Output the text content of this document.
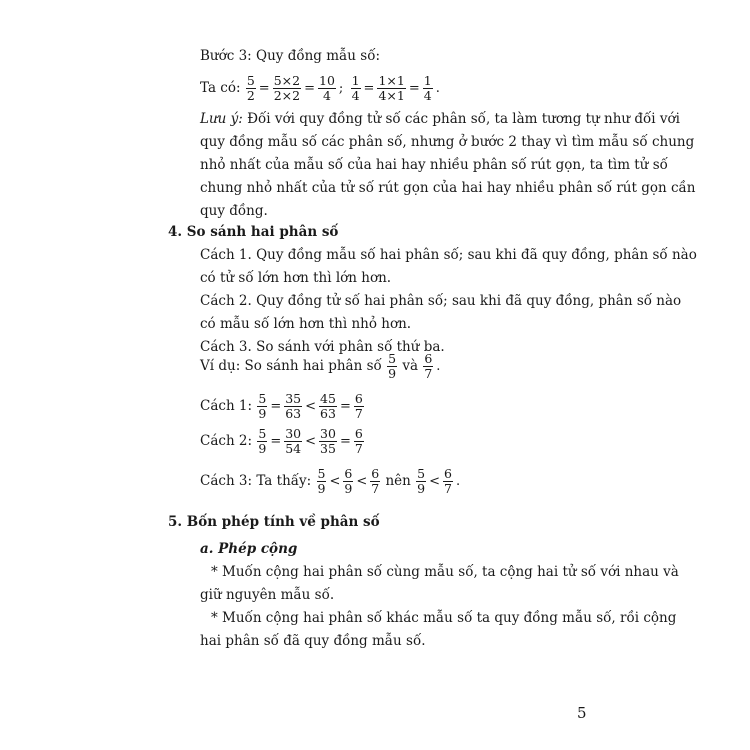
Bước 3: Quy đồng mẫu số:
Ta có: $\frac{5}{2} = \frac{5\times 2}{2\times 2} = \frac{10}{4}$ ; $\frac{1}{4} = \frac{1\times 1}{4\times 1} = \frac{1}{4}$ .
Lưu ý: Đối với quy đồng tử số các phân số, ta làm tương tự như đối với
quy đồng mẫu số các phân số, nhưng ở bước 2 thay vì tìm mẫu số chung
nhỏ nhất của mẫu số của hai hay nhiều phân số rút gọn, ta tìm tử số
chung nhỏ nhất của tử số rút gọn của hai hay nhiều phân số rút gọn cần
quy đồng.
4. So sánh hai phân số
Cách 1. Quy đồng mẫu số hai phân số; sau khi đã quy đồng, phân số nào
có tử số lớn hơn thì lớn hơn.
Cách 2. Quy đồng tử số hai phân số; sau khi đã quy đồng, phân số nào
có mẫu số lớn hơn thì nhỏ hơn.
Cách 3. So sánh với phân số thứ ba.
Ví dụ: So sánh hai phân số $\frac{5}{9}$ và $\frac{6}{7}$ .
Cách 1: $\frac{5}{9} = \frac{35}{63} < \frac{45}{63} = \frac{6}{7}$
Cách 2: $\frac{5}{9} = \frac{30}{54} < \frac{30}{35} = \frac{6}{7}$
Cách 3: Ta thấy: $\frac{5}{9} < \frac{6}{9} < \frac{6}{7}$ nên $\frac{5}{9} < \frac{6}{7}$ .
5. Bốn phép tính về phân số
a. Phép cộng
* Muốn cộng hai phân số cùng mẫu số, ta cộng hai tử số với nhau và
giữ nguyên mẫu số.
* Muốn cộng hai phân số khác mẫu số ta quy đồng mẫu số, rồi cộng
hai phân số đã quy đồng mẫu số.
5
